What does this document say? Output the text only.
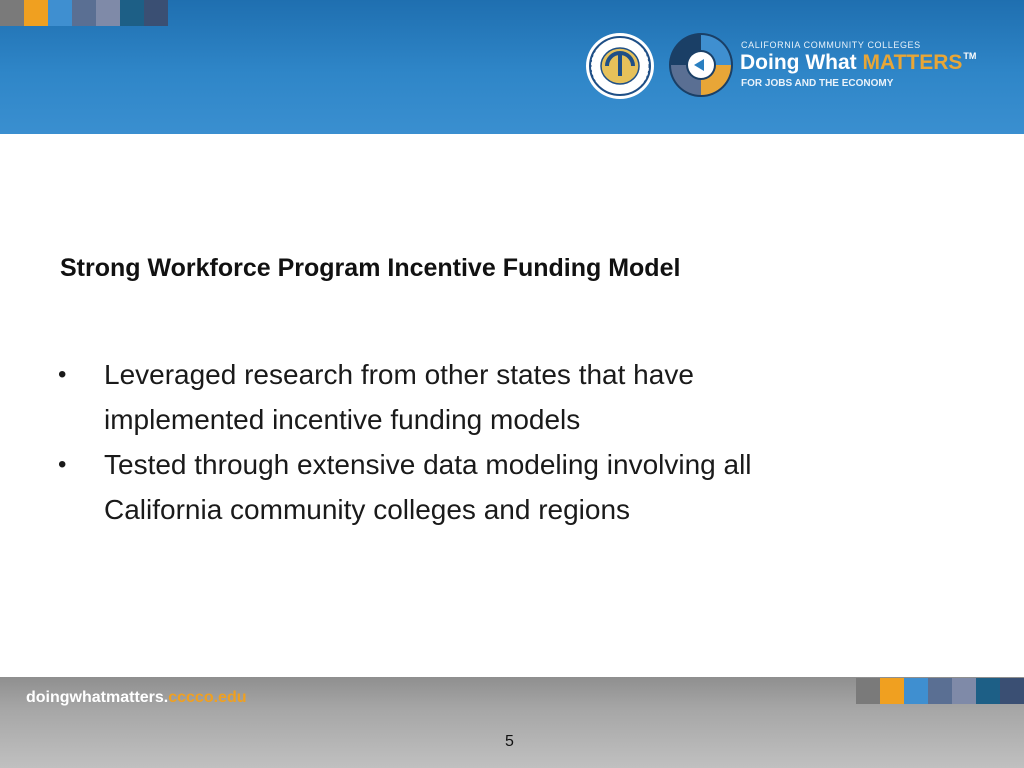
CALIFORNIA COMMUNITY COLLEGES
Doing What MATTERS™
FOR JOBS AND THE ECONOMY
Strong Workforce Program Incentive Funding Model
• Leveraged research from other states that have
implemented incentive funding models
• Tested through extensive data modeling involving all
California community colleges and regions
doingwhatmatters.cccco.edu
5
